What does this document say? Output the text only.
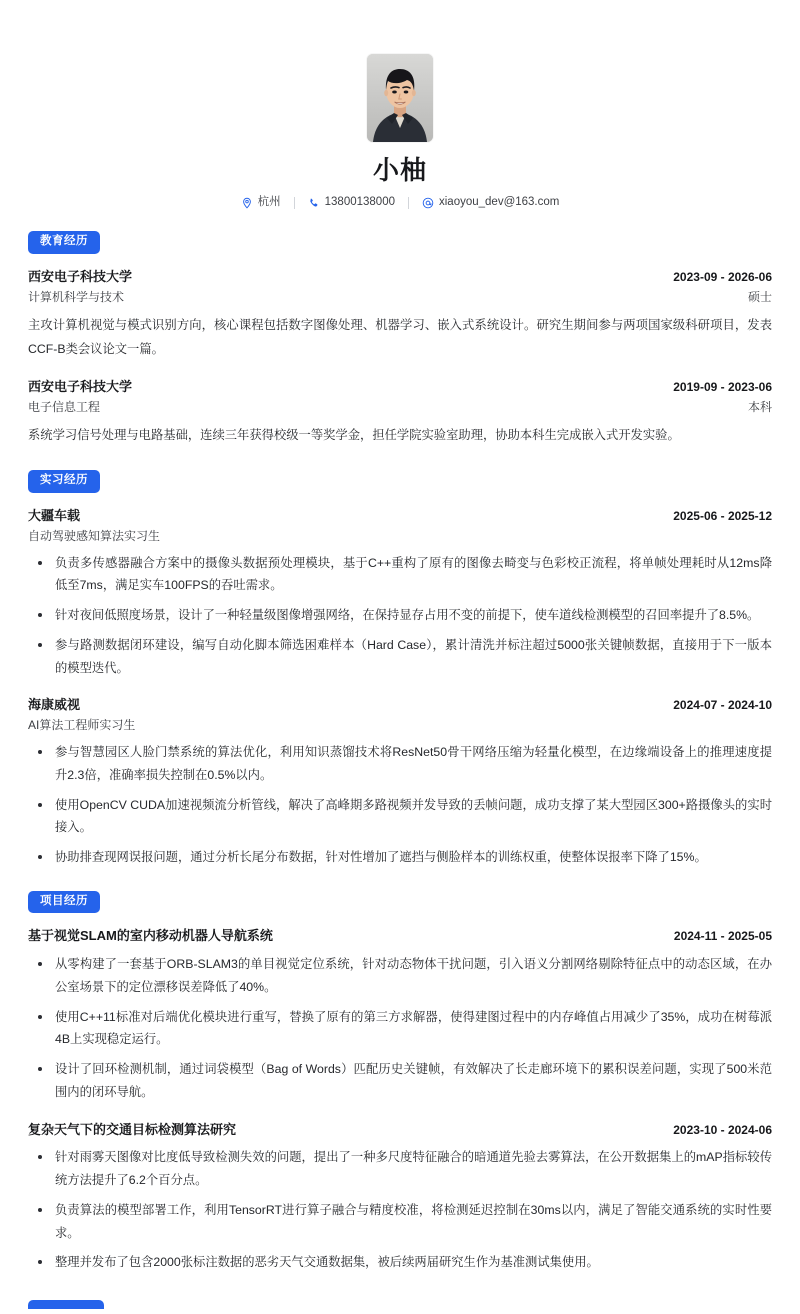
小柚
杭州	13800138000	xiaoyou_dev@163.com
教育经历
西安电子科技大学	2023-09 - 2026-06
计算机科学与技术	硕士
主攻计算机视觉与模式识别方向，核心课程包括数字图像处理、机器学习、嵌入式系统设计。研究生期间参与两项国家级科研项目，发表CCF-B类会议论文一篇。
西安电子科技大学	2019-09 - 2023-06
电子信息工程	本科
系统学习信号处理与电路基础，连续三年获得校级一等奖学金，担任学院实验室助理，协助本科生完成嵌入式开发实验。
实习经历
大疆车载	2025-06 - 2025-12
自动驾驶感知算法实习生
负责多传感器融合方案中的摄像头数据预处理模块，基于C++重构了原有的图像去畸变与色彩校正流程，将单帧处理耗时从12ms降低至7ms，满足实车100FPS的吞吐需求。
针对夜间低照度场景，设计了一种轻量级图像增强网络，在保持显存占用不变的前提下，使车道线检测模型的召回率提升了8.5%。
参与路测数据闭环建设，编写自动化脚本筛选困难样本（Hard Case），累计清洗并标注超过5000张关键帧数据，直接用于下一版本的模型迭代。
海康威视	2024-07 - 2024-10
AI算法工程师实习生
参与智慧园区人脸门禁系统的算法优化，利用知识蒸馏技术将ResNet50骨干网络压缩为轻量化模型，在边缘端设备上的推理速度提升2.3倍，准确率损失控制在0.5%以内。
使用OpenCV CUDA加速视频流分析管线，解决了高峰期多路视频并发导致的丢帧问题，成功支撑了某大型园区300+路摄像头的实时接入。
协助排查现网误报问题，通过分析长尾分布数据，针对性增加了遮挡与侧脸样本的训练权重，使整体误报率下降了15%。
项目经历
基于视觉SLAM的室内移动机器人导航系统	2024-11 - 2025-05
从零构建了一套基于ORB-SLAM3的单目视觉定位系统，针对动态物体干扰问题，引入语义分割网络剔除特征点中的动态区域，在办公室场景下的定位漂移误差降低了40%。
使用C++11标准对后端优化模块进行重写，替换了原有的第三方求解器，使得建图过程中的内存峰值占用减少了35%，成功在树莓派4B上实现稳定运行。
设计了回环检测机制，通过词袋模型（Bag of Words）匹配历史关键帧，有效解决了长走廊环境下的累积误差问题，实现了500米范围内的闭环导航。
复杂天气下的交通目标检测算法研究	2023-10 - 2024-06
针对雨雾天图像对比度低导致检测失效的问题，提出了一种多尺度特征融合的暗通道先验去雾算法，在公开数据集上的mAP指标较传统方法提升了6.2个百分点。
负责算法的模型部署工作，利用TensorRT进行算子融合与精度校准，将检测延迟控制在30ms以内，满足了智能交通系统的实时性要求。
整理并发布了包含2000张标注数据的恶劣天气交通数据集，被后续两届研究生作为基准测试集使用。
